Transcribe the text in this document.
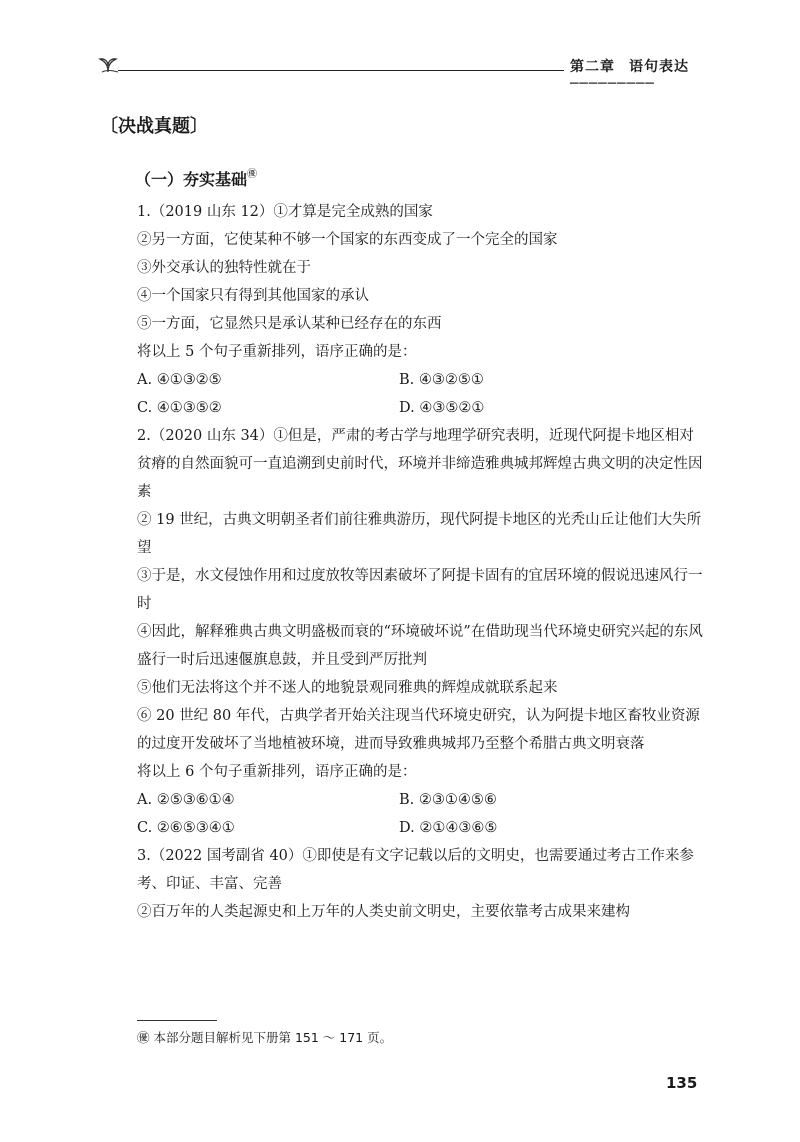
第二章 语句表达 ─────────
〔决战真题〕
（一）夯实基础㊝

1.（2019 山东 12）①才算是完全成熟的国家

②另一方面，它使某种不够一个国家的东西变成了一个完全的国家

③外交承认的独特性就在于

④一个国家只有得到其他国家的承认

⑤一方面，它显然只是承认某种已经存在的东西

将以上 5 个句子重新排列，语序正确的是：

A. ④①③②⑤	B. ④③②⑤①
C. ④①③⑤②	D. ④③⑤②①

2.（2020 山东 34）①但是，严肃的考古学与地理学研究表明，近现代阿提卡地区相对贫瘠的自然面貌可一直追溯到史前时代，环境并非缔造雅典城邦辉煌古典文明的决定性因素

② 19 世纪，古典文明朝圣者们前往雅典游历，现代阿提卡地区的光秃山丘让他们大失所望

③于是，水文侵蚀作用和过度放牧等因素破坏了阿提卡固有的宜居环境的假说迅速风行一时

④因此，解释雅典古典文明盛极而衰的“环境破坏说”在借助现当代环境史研究兴起的东风盛行一时后迅速偃旗息鼓，并且受到严厉批判

⑤他们无法将这个并不迷人的地貌景观同雅典的辉煌成就联系起来

⑥ 20 世纪 80 年代，古典学者开始关注现当代环境史研究，认为阿提卡地区畜牧业资源的过度开发破坏了当地植被环境，进而导致雅典城邦乃至整个希腊古典文明衰落

将以上 6 个句子重新排列，语序正确的是：

A. ②⑤③⑥①④	B. ②③①④⑤⑥
C. ②⑥⑤③④①	D. ②①④③⑥⑤

3.（2022 国考副省 40）①即使是有文字记载以后的文明史，也需要通过考古工作来参考、印证、丰富、完善

②百万年的人类起源史和上万年的人类史前文明史，主要依靠考古成果来建构

㊝ 本部分题目解析见下册第 151 ～ 171 页。
135
